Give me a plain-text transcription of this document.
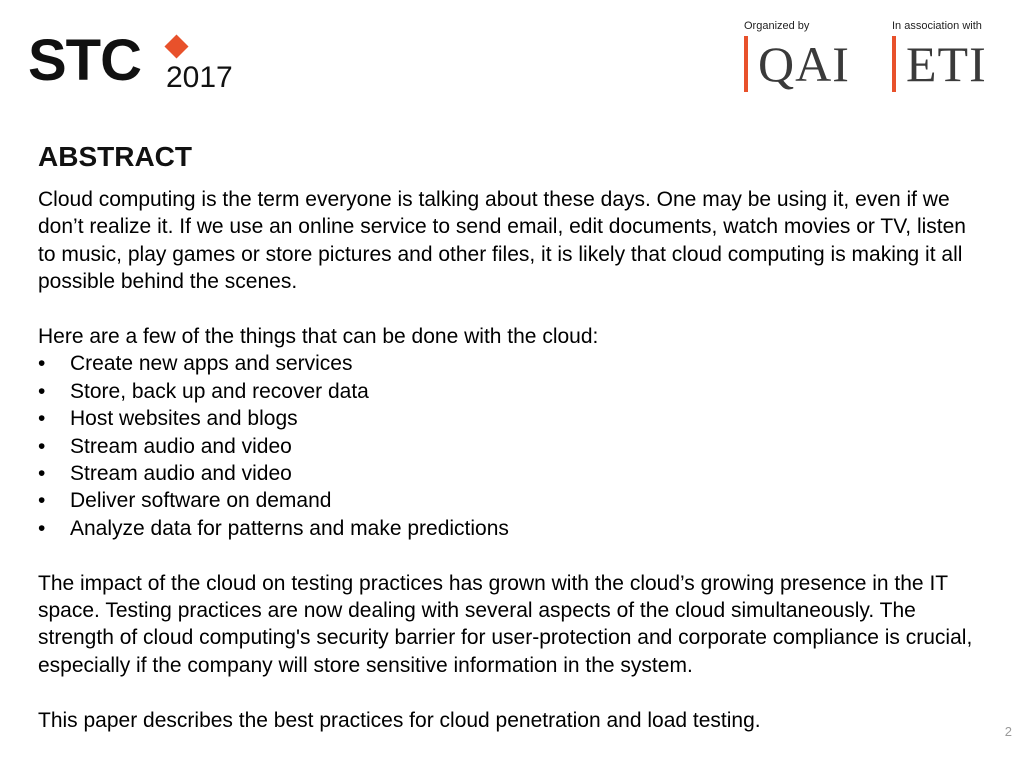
STC 2017
Organized by
QAI
In association with
ETI
ABSTRACT

Cloud computing is the term everyone is talking about these days. One may be using it, even if we don’t realize it. If we use an online service to send email, edit documents, watch movies or TV, listen to music, play games or store pictures and other files, it is likely that cloud computing is making it all possible behind the scenes.

Here are a few of the things that can be done with the cloud:

• Create new apps and services
• Store, back up and recover data
• Host websites and blogs
• Stream audio and video
• Stream audio and video
• Deliver software on demand
• Analyze data for patterns and make predictions

The impact of the cloud on testing practices has grown with the cloud’s growing presence in the IT space. Testing practices are now dealing with several aspects of the cloud simultaneously. The strength of cloud computing's security barrier for user-protection and corporate compliance is crucial, especially if the company will store sensitive information in the system.

This paper describes the best practices for cloud penetration and load testing.	2
